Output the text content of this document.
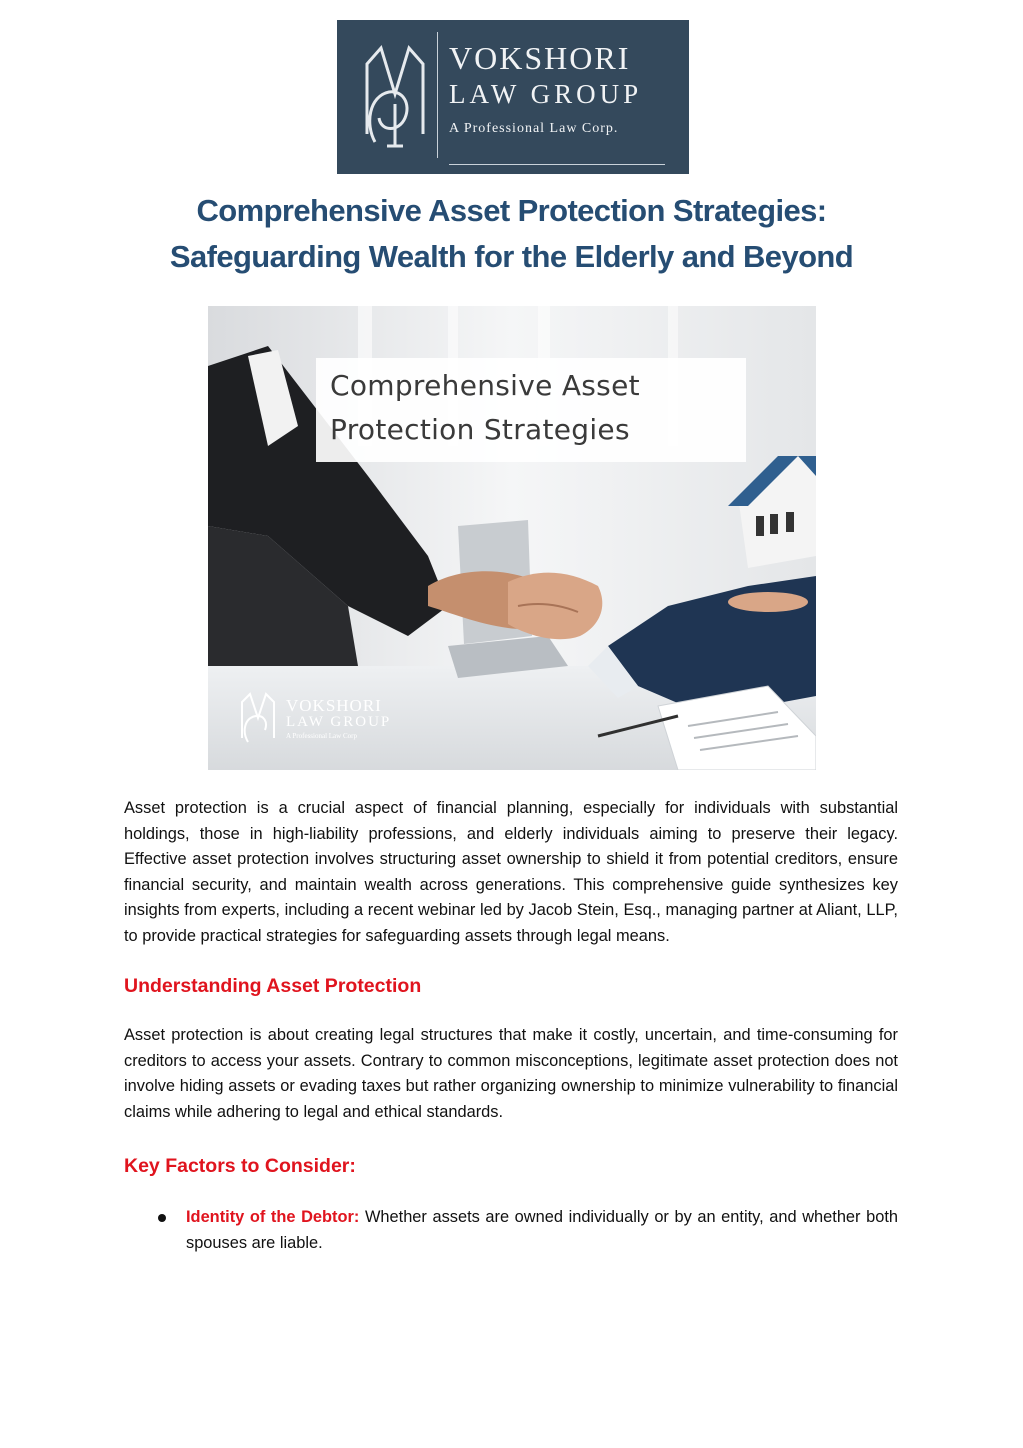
VOKSHORI
LAW GROUP
A Professional Law Corp.
Comprehensive Asset Protection Strategies:
Safeguarding Wealth for the Elderly and Beyond
Comprehensive Asset
Protection Strategies
VOKSHORI
LAW GROUP
A Professional Law Corp

Asset protection is a crucial aspect of financial planning, especially for individuals with substantial holdings, those in high-liability professions, and elderly individuals aiming to preserve their legacy. Effective asset protection involves structuring asset ownership to shield it from potential creditors, ensure financial security, and maintain wealth across generations. This comprehensive guide synthesizes key insights from experts, including a recent webinar led by Jacob Stein, Esq., managing partner at Aliant, LLP, to provide practical strategies for safeguarding assets through legal means.

Understanding Asset Protection

Asset protection is about creating legal structures that make it costly, uncertain, and time-consuming for creditors to access your assets. Contrary to common misconceptions, legitimate asset protection does not involve hiding assets or evading taxes but rather organizing ownership to minimize vulnerability to financial claims while adhering to legal and ethical standards.

Key Factors to Consider:
Identity of the Debtor: Whether assets are owned individually or by an entity, and whether both spouses are liable.
